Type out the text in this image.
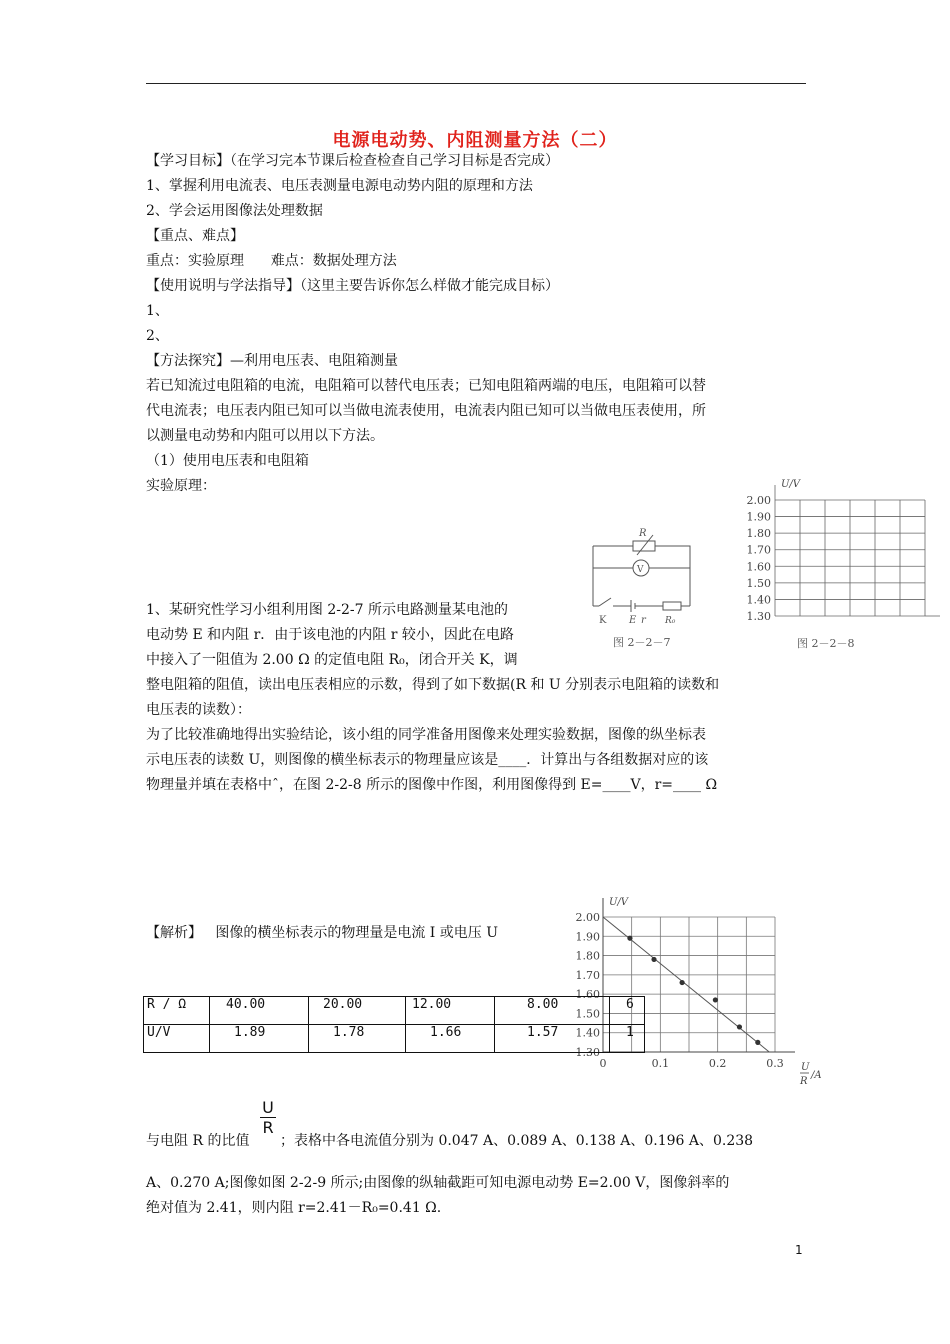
电源电动势、内阻测量方法（二）
【学习目标】（在学习完本节课后检查检查自己学习目标是否完成）
1、掌握利用电流表、电压表测量电源电动势内阻的原理和方法
2、学会运用图像法处理数据
【重点、难点】
重点：实验原理      难点：数据处理方法
【使用说明与学法指导】（这里主要告诉你怎么样做才能完成目标）
1、
2、
【方法探究】—利用电压表、电阻箱测量
若已知流过电阻箱的电流，电阻箱可以替代电压表；已知电阻箱两端的电压，电阻箱可以替
代电流表；电压表内阻已知可以当做电流表使用，电流表内阻已知可以当做电压表使用，所
以测量电动势和内阻可以用以下方法。
（1）使用电压表和电阻箱
实验原理：
1、某研究性学习小组利用图 2-2-7 所示电路测量某电池的
电动势 E 和内阻 r．由于该电池的内阻 r 较小，因此在电路
中接入了一阻值为 2.00 Ω 的定值电阻 R₀，闭合开关 K，调
整电阻箱的阻值，读出电压表相应的示数，得到了如下数据(R 和 U 分别表示电阻箱的读数和
电压表的读数）：
为了比较准确地得出实验结论，该小组的同学准备用图像来处理实验数据，图像的纵坐标表
示电压表的读数 U，则图像的横坐标表示的物理量应该是____．计算出与各组数据对应的该
物理量并填在表格中ˆ，在图 2-2-8 所示的图像中作图，利用图像得到 E=____V，r=____ Ω
【解析】   图像的横坐标表示的物理量是电流 I 或电压 U
R
V
K E r R₀
图 2－2－7
U/V
2.00
1.90
1.80
1.70
1.60
1.50
1.40
1.30
图 2－2－8
2.00
1.90
1.80
1.70
1.60
1.50
1.40
1.30
0	0.1	0.2	0.3
U/V
U
R
/A
R / Ω	40.00	20.00	12.00	8.00	6
U/V	1.89	1.78	1.66	1.57	1
$\frac{U}{R}$
与电阻 R 的比值 ；表格中各电流值分别为 0.047 A、0.089 A、0.138 A、0.196 A、0.238
A、0.270 A;图像如图 2-2-9 所示;由图像的纵轴截距可知电源电动势 E=2.00 V，图像斜率的
绝对值为 2.41，则内阻 r=2.41－R₀=0.41 Ω.
1
